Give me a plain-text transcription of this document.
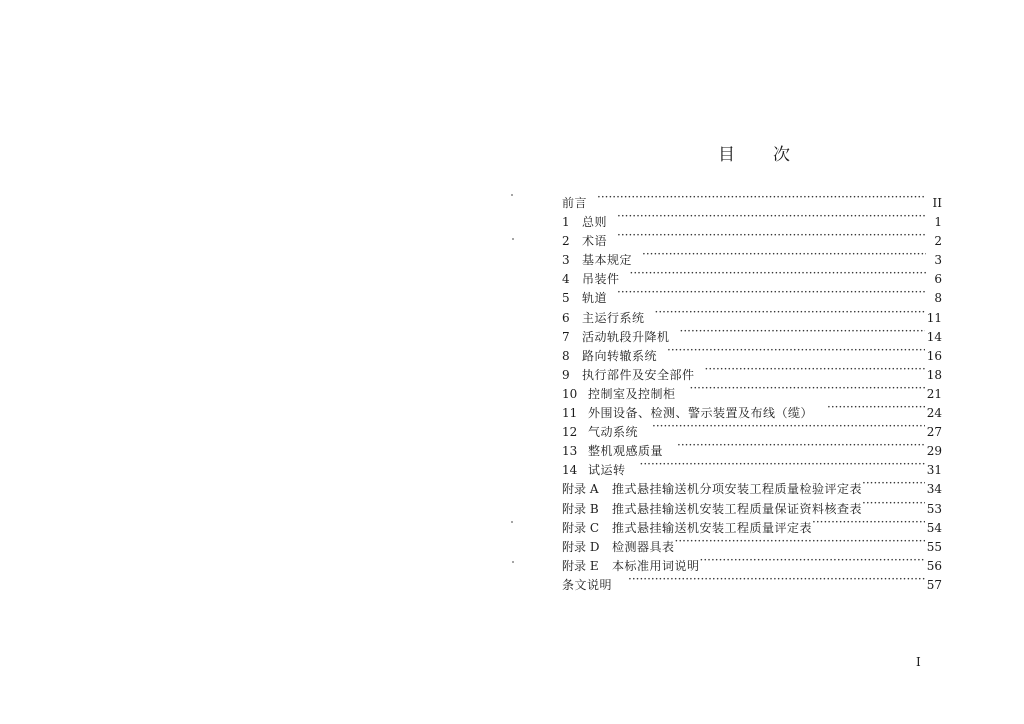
目次
前言 ·····	II
1	总则 ·····	1
2	术语 ·····	2
3	基本规定 ·····	3
4	吊装件 ·····	6
5	轨道 ·····	8
6	主运行系统 ·····	11
7	活动轨段升降机 ·····	14
8	路向转辙系统 ·····	16
9	执行部件及安全部件 ·····	18
10 控制室及控制柜 ·····	21
11 外围设备、检测、警示装置及布线（缆） ·····	24
12 气动系统 ·····	27
13 整机观感质量 ·····	29
14 试运转 ·····	31
附录 A	推式悬挂输送机分项安装工程质量检验评定表 ·····	34
附录 B	推式悬挂输送机安装工程质量保证资料核查表 ·····	53
附录 C	推式悬挂输送机安装工程质量评定表 ·····	54
附录 D	检测器具表 ·····	55
附录 E	本标准用词说明 ·····	56
条文说明 ·····	57
I
